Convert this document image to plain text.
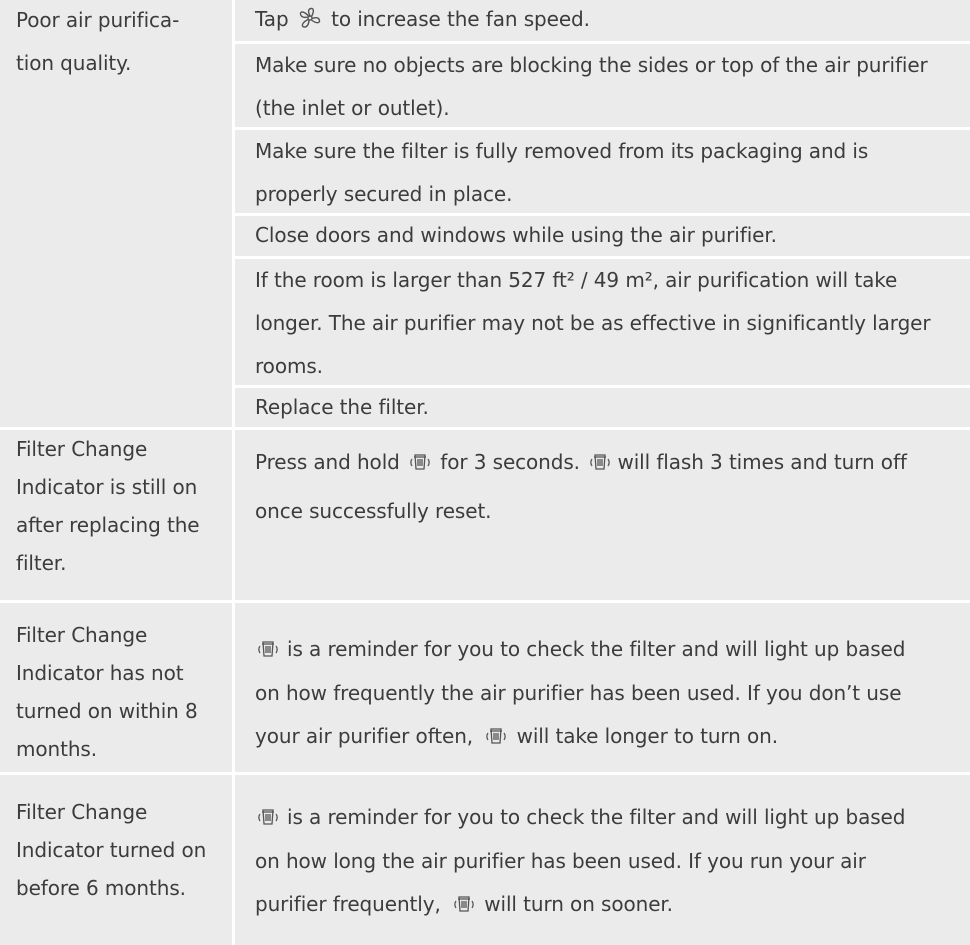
Poor air purifica-
tion quality.
Tap to increase the fan speed.
Make sure no objects are blocking the sides or top of the air purifier (the inlet or outlet).
Make sure the filter is fully removed from its packaging and is properly secured in place.
Close doors and windows while using the air purifier.
If the room is larger than 527 ft² / 49 m², air purification will take longer. The air purifier may not be as effective in significantly larger rooms.
Replace the filter.
Filter Change
Indicator is still on
after replacing the
filter.
Press and hold for 3 seconds. will flash 3 times and turn off
once successfully reset.
Filter Change
Indicator has not
turned on within 8
months.
is a reminder for you to check the filter and will light up based
on how frequently the air purifier has been used. If you don’t use
your air purifier often, will take longer to turn on.
Filter Change
Indicator turned on
before 6 months.
is a reminder for you to check the filter and will light up based
on how long the air purifier has been used. If you run your air
purifier frequently, will turn on sooner.
